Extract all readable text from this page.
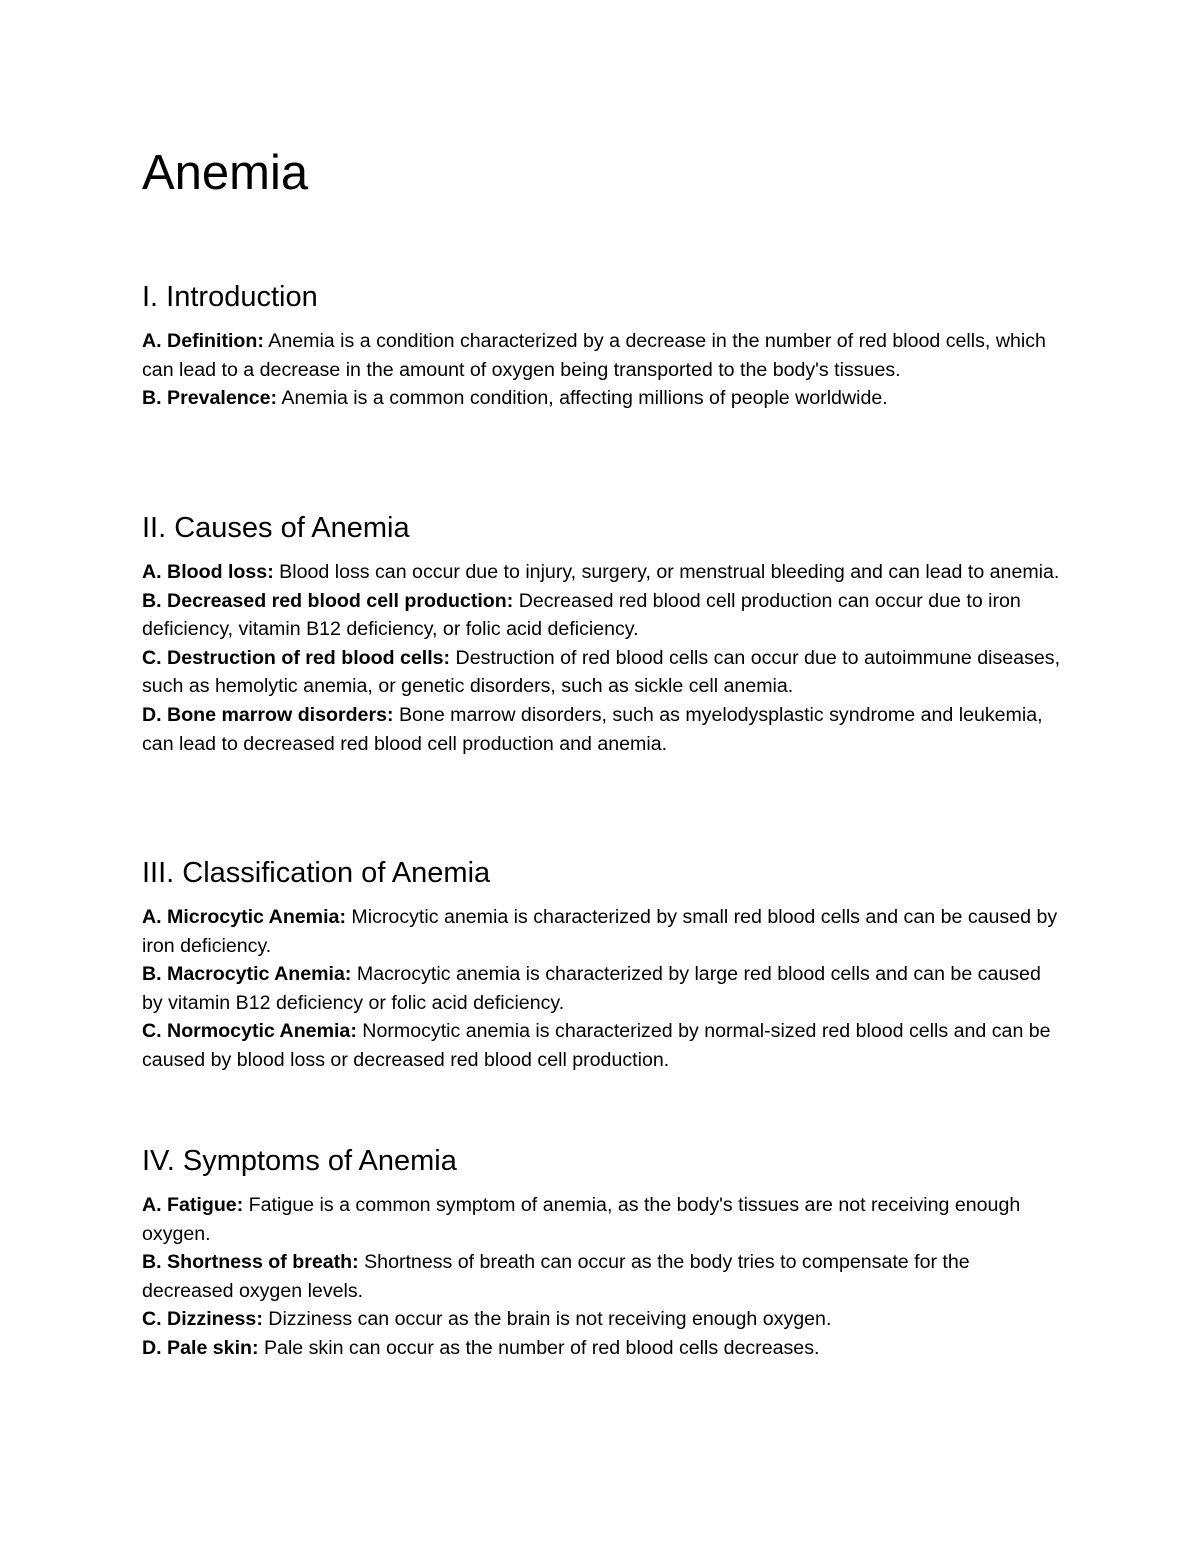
Anemia
I. Introduction

A. Definition: Anemia is a condition characterized by a decrease in the number of red blood cells, which can lead to a decrease in the amount of oxygen being transported to the body's tissues.

B. Prevalence: Anemia is a common condition, affecting millions of people worldwide.

II. Causes of Anemia

A. Blood loss: Blood loss can occur due to injury, surgery, or menstrual bleeding and can lead to anemia.

B. Decreased red blood cell production: Decreased red blood cell production can occur due to iron deficiency, vitamin B12 deficiency, or folic acid deficiency.

C. Destruction of red blood cells: Destruction of red blood cells can occur due to autoimmune diseases, such as hemolytic anemia, or genetic disorders, such as sickle cell anemia.

D. Bone marrow disorders: Bone marrow disorders, such as myelodysplastic syndrome and leukemia, can lead to decreased red blood cell production and anemia.

III. Classification of Anemia

A. Microcytic Anemia: Microcytic anemia is characterized by small red blood cells and can be caused by iron deficiency.

B. Macrocytic Anemia: Macrocytic anemia is characterized by large red blood cells and can be caused by vitamin B12 deficiency or folic acid deficiency.

C. Normocytic Anemia: Normocytic anemia is characterized by normal-sized red blood cells and can be caused by blood loss or decreased red blood cell production.

IV. Symptoms of Anemia

A. Fatigue: Fatigue is a common symptom of anemia, as the body's tissues are not receiving enough oxygen.

B. Shortness of breath: Shortness of breath can occur as the body tries to compensate for the decreased oxygen levels.

C. Dizziness: Dizziness can occur as the brain is not receiving enough oxygen.

D. Pale skin: Pale skin can occur as the number of red blood cells decreases.
